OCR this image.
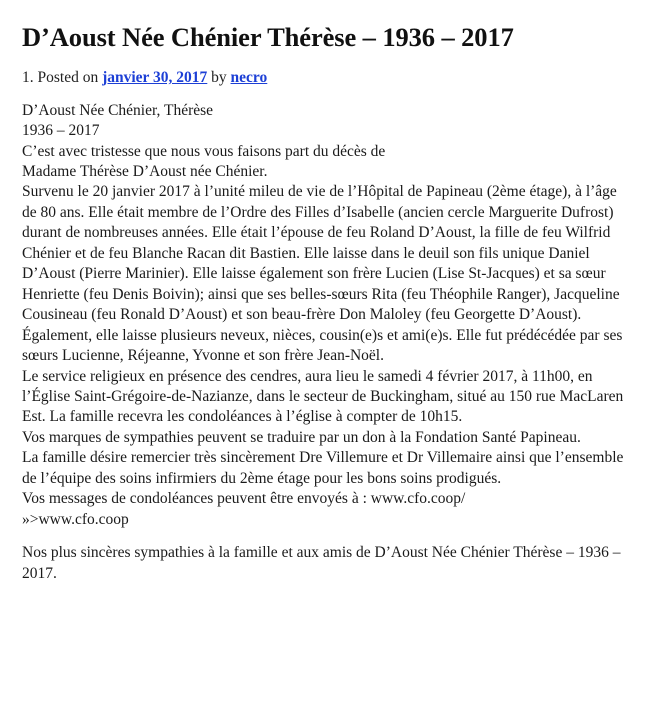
D’Aoust Née Chénier Thérèse – 1936 – 2017
1. Posted on janvier 30, 2017 by necro

D’Aoust Née Chénier, Thérèse

1936 – 2017

C’est avec tristesse que nous vous faisons part du décès de

Madame Thérèse D’Aoust née Chénier.

Survenu le 20 janvier 2017 à l’unité mileu de vie de l’Hôpital de Papineau (2ème étage), à l’âge de 80 ans. Elle était membre de l’Ordre des Filles d’Isabelle (ancien cercle Marguerite Dufrost) durant de nombreuses années. Elle était l’épouse de feu Roland D’Aoust, la fille de feu Wilfrid Chénier et de feu Blanche Racan dit Bastien. Elle laisse dans le deuil son fils unique Daniel D’Aoust (Pierre Marinier). Elle laisse également son frère Lucien (Lise St-Jacques) et sa sœur Henriette (feu Denis Boivin); ainsi que ses belles-sœurs Rita (feu Théophile Ranger), Jacqueline Cousineau (feu Ronald D’Aoust) et son beau-frère Don Maloley (feu Georgette D’Aoust). Également, elle laisse plusieurs neveux, nièces, cousin(e)s et ami(e)s. Elle fut prédécédée par ses sœurs Lucienne, Réjeanne, Yvonne et son frère Jean-Noël.

Le service religieux en présence des cendres, aura lieu le samedi 4 février 2017, à 11h00, en l’Église Saint-Grégoire-de-Nazianze, dans le secteur de Buckingham, situé au 150 rue MacLaren Est. La famille recevra les condoléances à l’église à compter de 10h15.

Vos marques de sympathies peuvent se traduire par un don à la Fondation Santé Papineau.

La famille désire remercier très sincèrement Dre Villemure et Dr Villemaire ainsi que l’ensemble de l’équipe des soins infirmiers du 2ème étage pour les bons soins prodigués.

Vos messages de condoléances peuvent être envoyés à : www.cfo.coop/

»>www.cfo.coop

Nos plus sincères sympathies à la famille et aux amis de D’Aoust Née Chénier Thérèse – 1936 – 2017.
